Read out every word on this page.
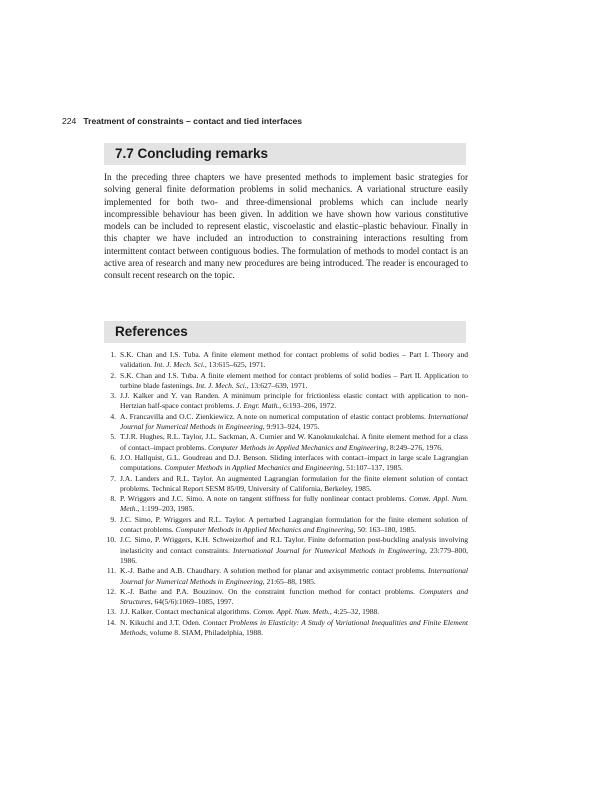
224 Treatment of constraints – contact and tied interfaces
7.7 Concluding remarks
In the preceding three chapters we have presented methods to implement basic strategies for solving general finite deformation problems in solid mechanics. A variational structure easily implemented for both two- and three-dimensional problems which can include nearly incompressible behaviour has been given. In addition we have shown how various constitutive models can be included to represent elastic, viscoelastic and elastic–plastic behaviour. Finally in this chapter we have included an introduction to constraining interactions resulting from intermittent contact between contiguous bodies. The formulation of methods to model contact is an active area of research and many new procedures are being introduced. The reader is encouraged to consult recent research on the topic.
References
1. S.K. Chan and I.S. Tuba. A finite element method for contact problems of solid bodies – Part I. Theory and validation. Int. J. Mech. Sci., 13:615–625, 1971.
2. S.K. Chan and I.S. Tuba. A finite element method for contact problems of solid bodies – Part II. Application to turbine blade fastenings. Int. J. Mech. Sci., 13:627–639, 1971.
3. J.J. Kalker and Y. van Randen. A minimum principle for frictionless elastic contact with application to non-Hertzian half-space contact problems. J. Engr. Math., 6:193–206, 1972.
4. A. Francavilla and O.C. Zienkiewicz. A note on numerical computation of elastic contact problems. International Journal for Numerical Methods in Engineering, 9:913–924, 1975.
5. T.J.R. Hughes, R.L. Taylor, J.L. Sackman, A. Curnier and W. Kanoknukulchai. A finite element method for a class of contact–impact problems. Computer Methods in Applied Mechanics and Engineering, 8:249–276, 1976.
6. J.O. Hallquist, G.L. Goudreau and D.J. Benson. Sliding interfaces with contact–impact in large scale Lagrangian computations. Computer Methods in Applied Mechanics and Engineering, 51:107–137, 1985.
7. J.A. Landers and R.L. Taylor. An augmented Lagrangian formulation for the finite element solution of contact problems. Technical Report SESM 85/09, University of California, Berkeley, 1985.
8. P. Wriggers and J.C. Simo. A note on tangent stiffness for fully nonlinear contact problems. Comm. Appl. Num. Meth., 1:199–203, 1985.
9. J.C. Simo, P. Wriggers and R.L. Taylor. A perturbed Lagrangian formulation for the finite element solution of contact problems. Computer Methods in Applied Mechanics and Engineering, 50: 163–180, 1985.
10. J.C. Simo, P. Wriggers, K.H. Schweizerhof and R.L Taylor. Finite deformation post-buckling analysis involving inelasticity and contact constraints. International Journal for Numerical Methods in Engineering, 23:779–800, 1986.
11. K.-J. Bathe and A.B. Chaudhary. A solution method for planar and axisymmetric contact problems. International Journal for Numerical Methods in Engineering, 21:65–88, 1985.
12. K.-J. Bathe and P.A. Bouzinov. On the constraint function method for contact problems. Computers and Structures, 64(5/6):1069–1085, 1997.
13. J.J. Kalker. Contact mechanical algorithms. Comm. Appl. Num. Meth., 4:25–32, 1988.
14. N. Kikuchi and J.T. Oden. Contact Problems in Elasticity: A Study of Variational Inequalities and Finite Element Methods, volume 8. SIAM, Philadelphia, 1988.
